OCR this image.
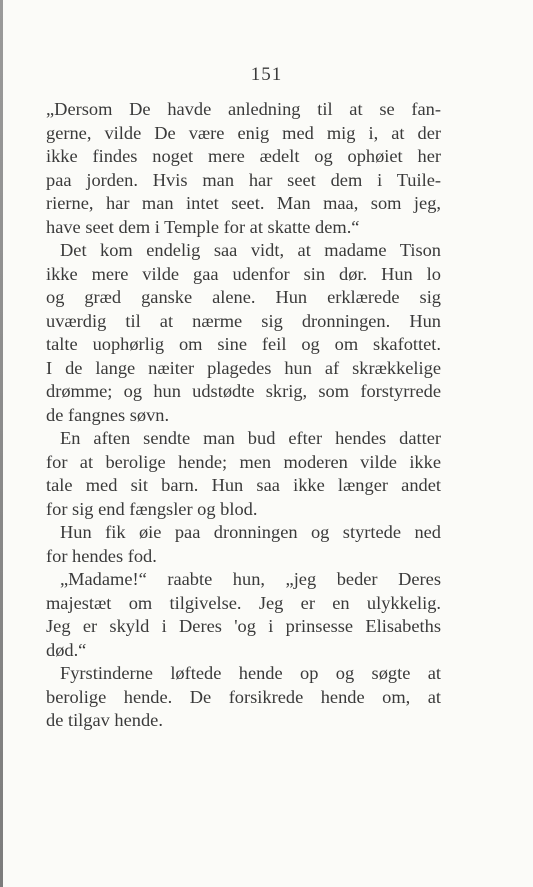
151

„Dersom De havde anledning til at se fan-
gerne, vilde De være enig med mig i, at der
ikke findes noget mere ædelt og ophøiet her
paa jorden. Hvis man har seet dem i Tuile-
rierne, har man intet seet. Man maa, som jeg,
have seet dem i Temple for at skatte dem.“

Det kom endelig saa vidt, at madame Tison
ikke mere vilde gaa udenfor sin dør. Hun lo
og græd ganske alene. Hun erklærede sig
uværdig til at nærme sig dronningen. Hun
talte uophørlig om sine feil og om skafottet.
I de lange næiter plagedes hun af skrækkelige
drømme; og hun udstødte skrig, som forstyrrede
de fangnes søvn.

En aften sendte man bud efter hendes datter
for at berolige hende; men moderen vilde ikke
tale med sit barn. Hun saa ikke længer andet
for sig end fængsler og blod.

Hun fik øie paa dronningen og styrtede ned
for hendes fod.

„Madame!“ raabte hun, „jeg beder Deres
majestæt om tilgivelse. Jeg er en ulykkelig.
Jeg er skyld i Deres 'og i prinsesse Elisabeths
død.“

Fyrstinderne løftede hende op og søgte at
berolige hende. De forsikrede hende om, at
de tilgav hende.
